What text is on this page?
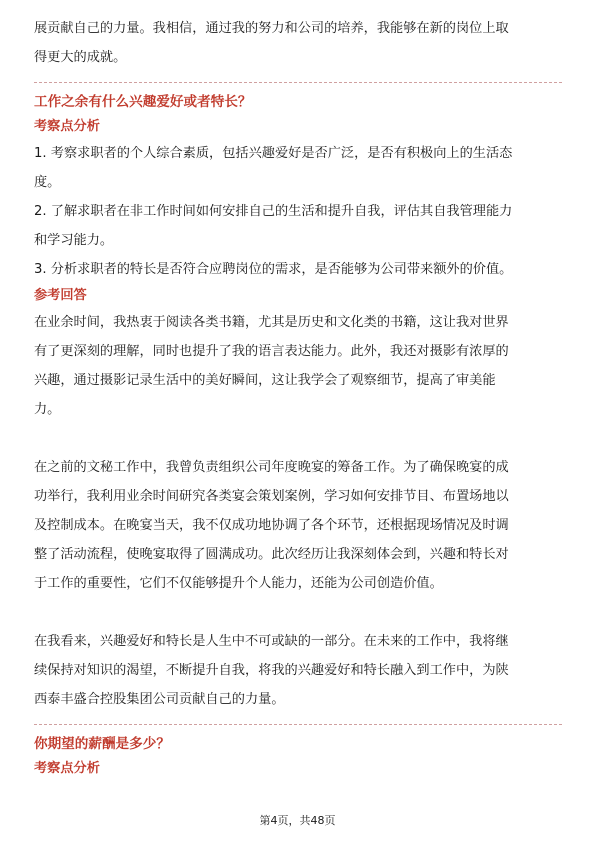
展贡献自己的力量。我相信，通过我的努力和公司的培养，我能够在新的岗位上取

得更大的成就。

工作之余有什么兴趣爱好或者特长？
考察点分析

1. 考察求职者的个人综合素质，包括兴趣爱好是否广泛，是否有积极向上的生活态

度。

2. 了解求职者在非工作时间如何安排自己的生活和提升自我，评估其自我管理能力

和学习能力。

3. 分析求职者的特长是否符合应聘岗位的需求，是否能够为公司带来额外的价值。

参考回答

在业余时间，我热衷于阅读各类书籍，尤其是历史和文化类的书籍，这让我对世界

有了更深刻的理解，同时也提升了我的语言表达能力。此外，我还对摄影有浓厚的

兴趣，通过摄影记录生活中的美好瞬间，这让我学会了观察细节，提高了审美能

力。

在之前的文秘工作中，我曾负责组织公司年度晚宴的筹备工作。为了确保晚宴的成

功举行，我利用业余时间研究各类宴会策划案例，学习如何安排节目、布置场地以

及控制成本。在晚宴当天，我不仅成功地协调了各个环节，还根据现场情况及时调

整了活动流程，使晚宴取得了圆满成功。此次经历让我深刻体会到，兴趣和特长对

于工作的重要性，它们不仅能够提升个人能力，还能为公司创造价值。

在我看来，兴趣爱好和特长是人生中不可或缺的一部分。在未来的工作中，我将继

续保持对知识的渴望，不断提升自我，将我的兴趣爱好和特长融入到工作中，为陕

西泰丰盛合控股集团公司贡献自己的力量。

你期望的薪酬是多少？
考察点分析
第4页，共48页
